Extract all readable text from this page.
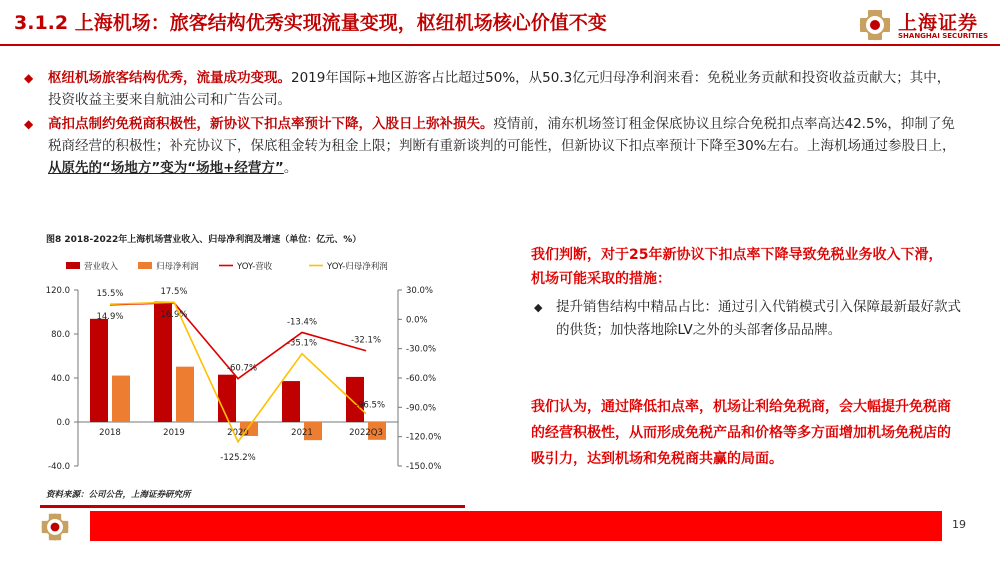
3.1.2 上海机场：旅客结构优秀实现流量变现，枢纽机场核心价值不变	上海证券
SHANGHAI SECURITIES
◆ 枢纽机场旅客结构优秀，流量成功变现。2019年国际+地区游客占比超过50%，从50.3亿元归母净利润来看：免税业务贡献和投资收益贡献大；其中，投资收益主要来自航油公司和广告公司。
◆ 高扣点制约免税商积极性，新协议下扣点率预计下降，入股日上弥补损失。疫情前，浦东机场签订租金保底协议且综合免税扣点率高达42.5%，抑制了免税商经营的积极性；补充协议下，保底租金转为租金上限；判断有重新谈判的可能性，但新协议下扣点率预计下降至30%左右。上海机场通过参股日上，从原先的“场地方”变为“场地+经营方”。
图8 2018-2022年上海机场营业收入、归母净利润及增速（单位：亿元、%）
120.0
80.0
40.0
0.0
-40.0
30.0%
0.0%
-30.0%
-60.0%
-90.0%
-120.0%
-150.0%
2018	2019	2020	2021	2022Q3
14.9%	16.9%
-60.7%
-13.4%
-32.1%
15.5%	17.5%
-125.2%
-35.1%
-96.5%
营业收入	归母净利润	YOY-营收	YOY-归母净利润
资料来源：公司公告，上海证券研究所
我们判断，对于25年新协议下扣点率下降导致免税业务收入下滑，机场可能采取的措施：
◆ 提升销售结构中精品占比：通过引入代销模式引入保障最新最好款式的供货；加快落地除LV之外的头部奢侈品品牌。
我们认为，通过降低扣点率，机场让利给免税商，会大幅提升免税商的经营积极性，从而形成免税产品和价格等多方面增加机场免税店的吸引力，达到机场和免税商共赢的局面。
19
